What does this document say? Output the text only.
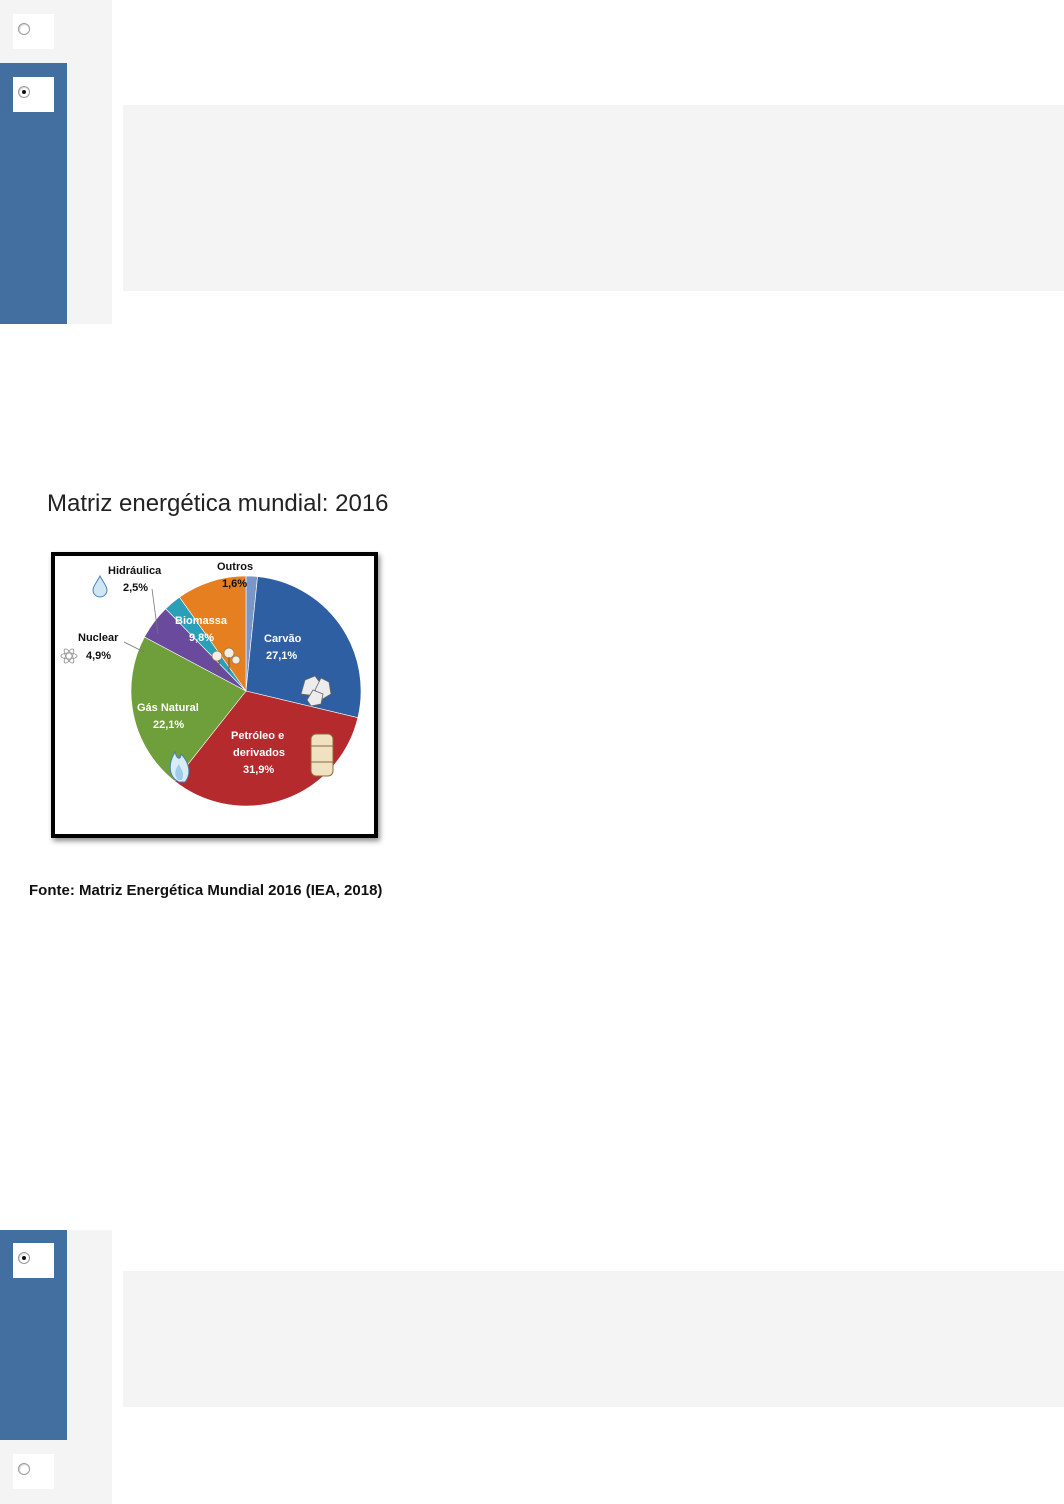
Matriz energética mundial: 2016
Hidráulica
2,5%
Outros
1,6%
Biomassa
9,8%
Nuclear
4,9%
Carvão
27,1%
Gás Natural
22,1%
Petróleo e
derivados
31,9%
Fonte: Matriz Energética Mundial 2016 (IEA, 2018)
